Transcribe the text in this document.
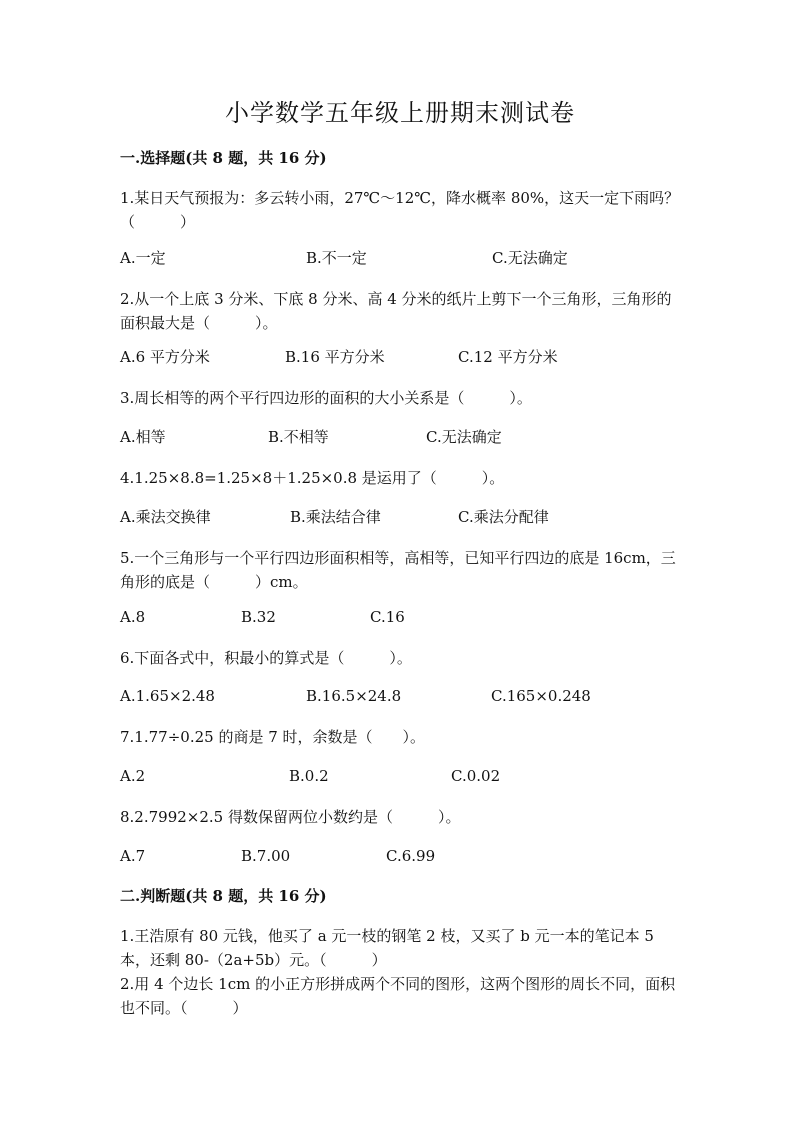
小学数学五年级上册期末测试卷
一.选择题(共 8 题，共 16 分)

1.某日天气预报为：多云转小雨，27℃～12℃，降水概率 80%，这天一定下雨吗？（　　　）

A.一定	B.不一定	C.无法确定

2.从一个上底 3 分米、下底 8 分米、高 4 分米的纸片上剪下一个三角形，三角形的面积最大是（　　　）。

A.6 平方分米	B.16 平方分米	C.12 平方分米

3.周长相等的两个平行四边形的面积的大小关系是（　　　）。

A.相等	B.不相等	C.无法确定

4.1.25×8.8=1.25×8＋1.25×0.8 是运用了（　　　）。

A.乘法交换律	B.乘法结合律	C.乘法分配律

5.一个三角形与一个平行四边形面积相等，高相等，已知平行四边的底是 16cm，三角形的底是（　　　）cm。

A.8	B.32	C.16

6.下面各式中，积最小的算式是（　　　）。

A.1.65×2.48	B.16.5×24.8	C.165×0.248

7.1.77÷0.25 的商是 7 时，余数是（　　）。

A.2	B.0.2	C.0.02

8.2.7992×2.5 得数保留两位小数约是（　　　）。

A.7	B.7.00	C.6.99
二.判断题(共 8 题，共 16 分)

1.王浩原有 80 元钱，他买了 a 元一枝的钢笔 2 枝，又买了 b 元一本的笔记本 5 本，还剩 80-（2a+5b）元。（　　　）

2.用 4 个边长 1cm 的小正方形拼成两个不同的图形，这两个图形的周长不同，面积也不同。（　　　）
